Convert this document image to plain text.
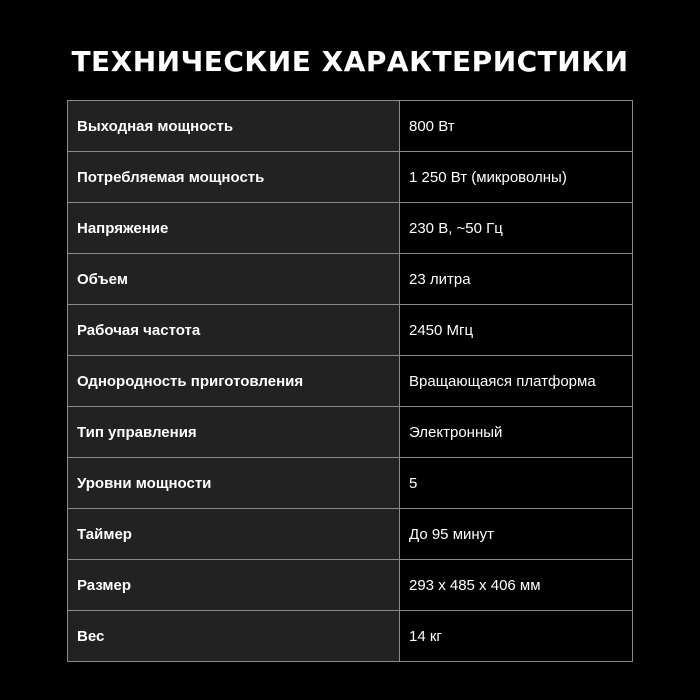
ТЕХНИЧЕСКИЕ ХАРАКТЕРИСТИКИ
Выходная мощность	800 Вт
Потребляемая мощность	1 250 Вт (микроволны)
Напряжение	230 В, ~50 Гц
Объем	23 литра
Рабочая частота	2450 Мгц
Однородность приготовления	Вращающаяся платформа
Тип управления	Электронный
Уровни мощности	5
Таймер	До 95 минут
Размер	293 x 485 x 406 мм
Вес	14 кг
